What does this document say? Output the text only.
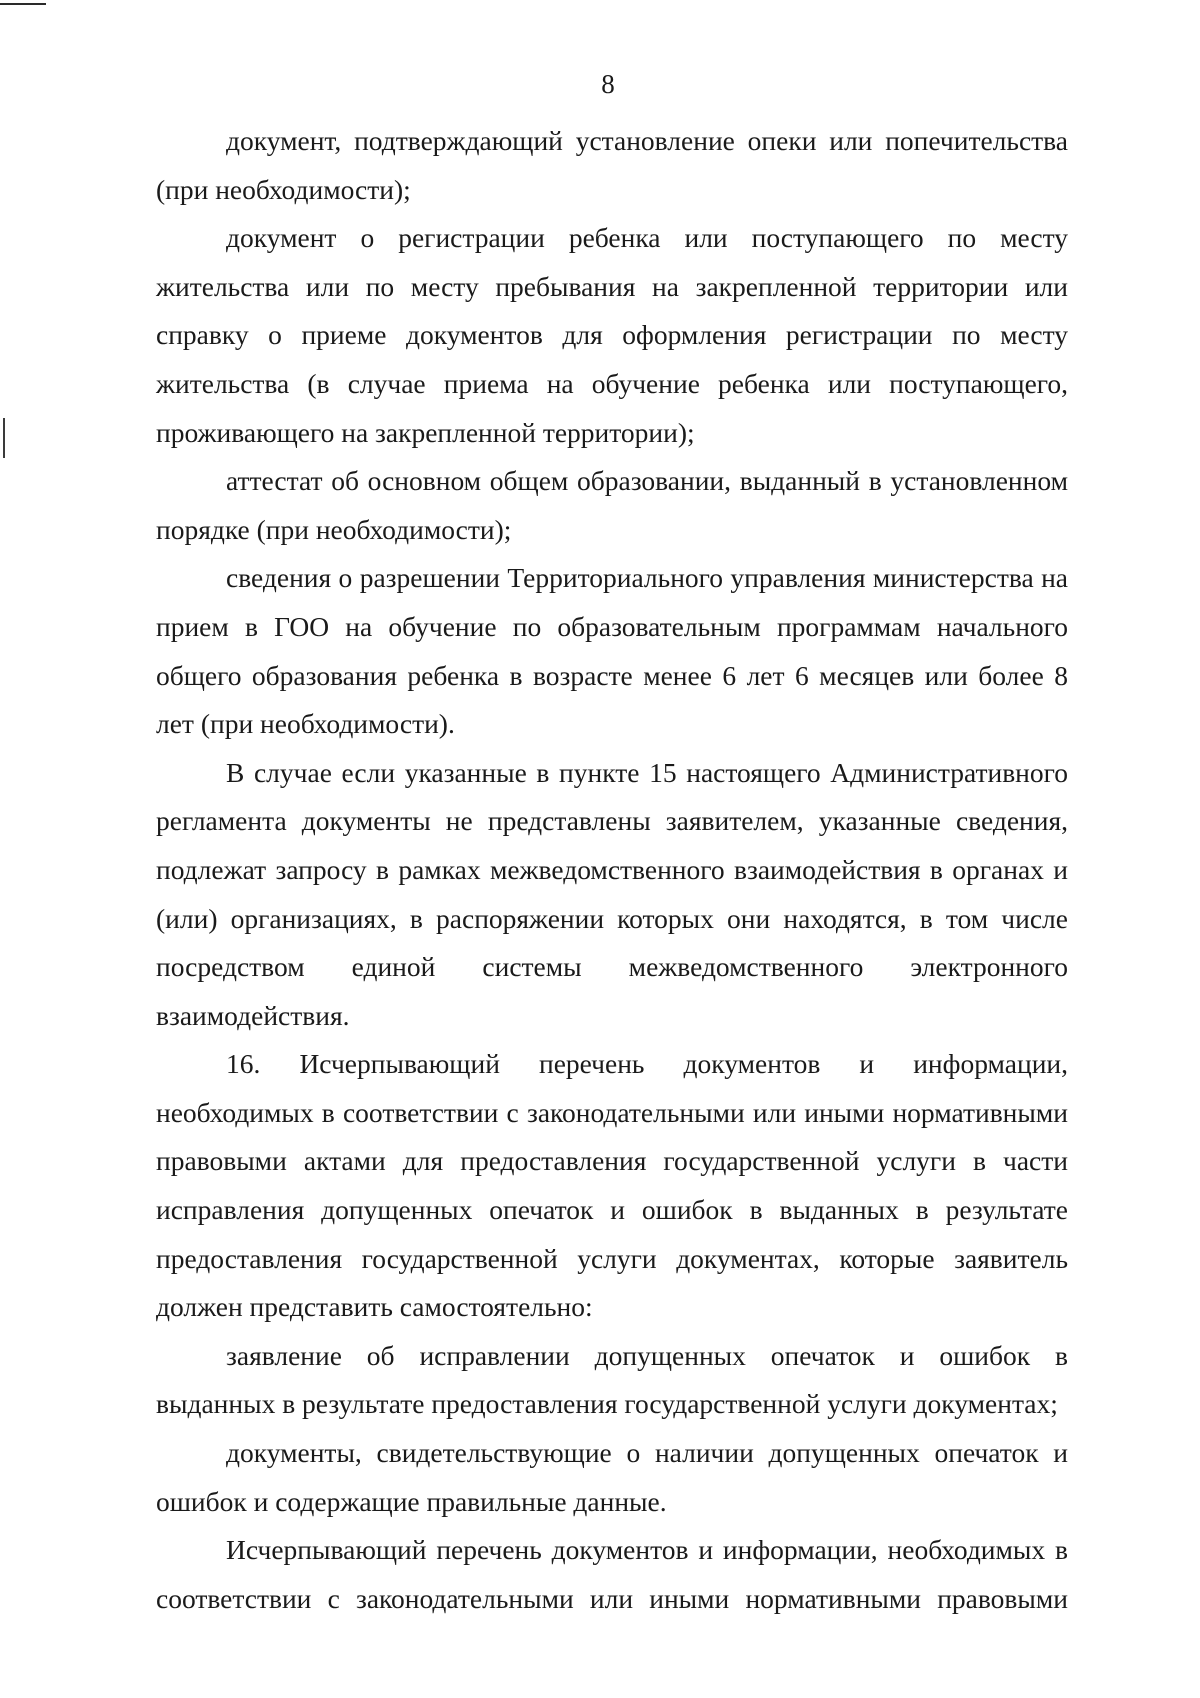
8

документ, подтверждающий установление опеки или попечительства (при необходимости);

документ о регистрации ребенка или поступающего по месту жительства или по месту пребывания на закрепленной территории или справку о приеме документов для оформления регистрации по месту жительства (в случае приема на обучение ребенка или поступающего, проживающего на закрепленной территории);

аттестат об основном общем образовании, выданный в установленном порядке (при необходимости);

сведения о разрешении Территориального управления министерства на прием в ГОО на обучение по образовательным программам начального общего образования ребенка в возрасте менее 6 лет 6 месяцев или более 8 лет (при необходимости).

В случае если указанные в пункте 15 настоящего Административного регламента документы не представлены заявителем, указанные сведения, подлежат запросу в рамках межведомственного взаимодействия в органах и (или) организациях, в распоряжении которых они находятся, в том числе посредством единой системы межведомственного электронного взаимодействия.

16. Исчерпывающий перечень документов и информации, необходимых в соответствии с законодательными или иными нормативными правовыми актами для предоставления государственной услуги в части исправления допущенных опечаток и ошибок в выданных в результате предоставления государственной услуги документах, которые заявитель должен представить самостоятельно:

заявление об исправлении допущенных опечаток и ошибок в выданных в результате предоставления государственной услуги документах;

документы, свидетельствующие о наличии допущенных опечаток и ошибок и содержащие правильные данные.

Исчерпывающий перечень документов и информации, необходимых в соответствии с законодательными или иными нормативными правовыми
